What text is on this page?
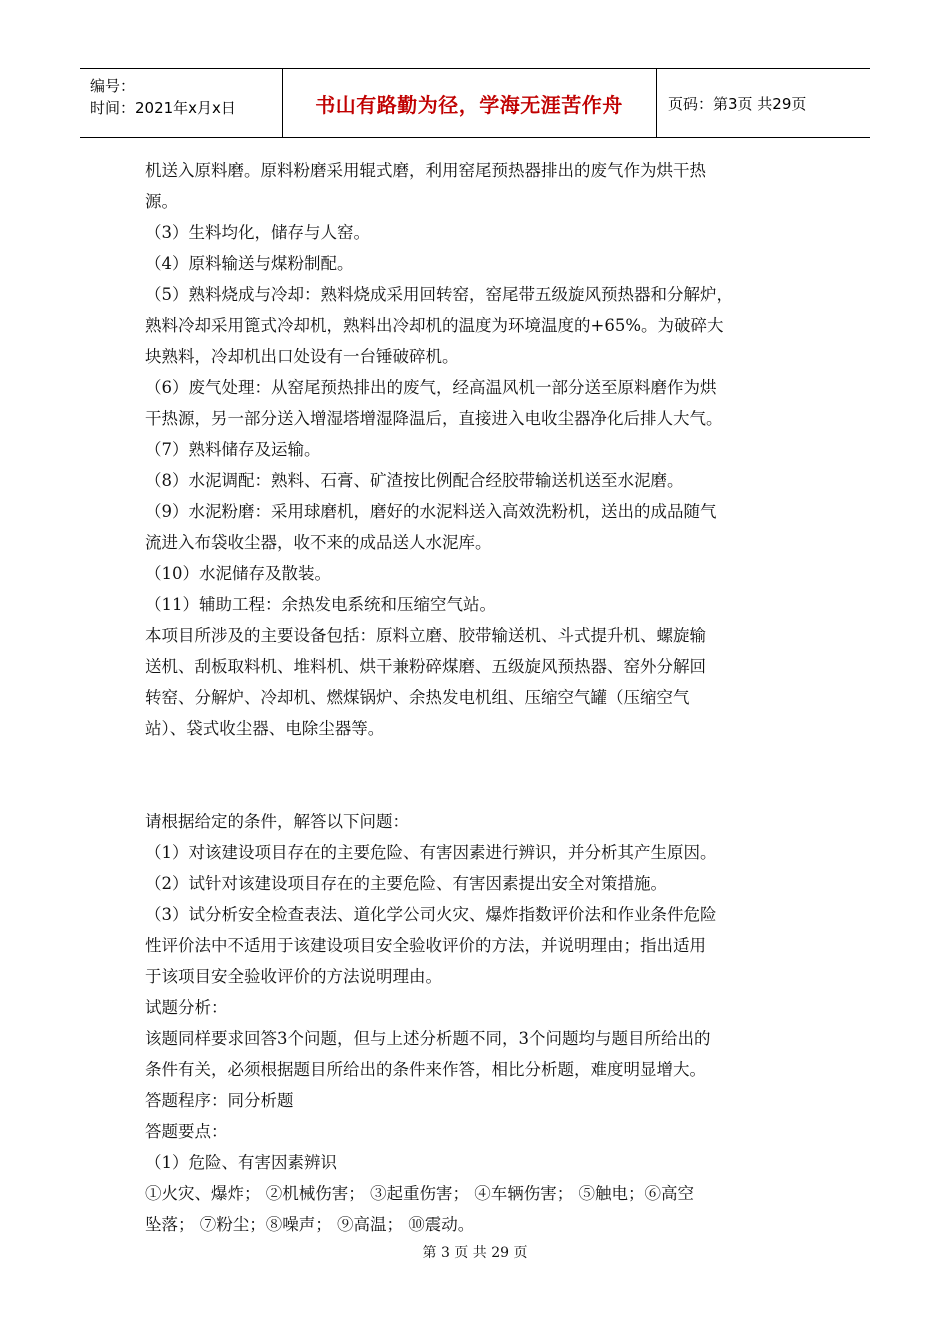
编号：
时间：2021年x月x日	书山有路勤为径，学海无涯苦作舟	页码：第3页 共29页

机送入原料磨。原料粉磨采用辊式磨，利用窑尾预热器排出的废气作为烘干热

源。

（3）生料均化，储存与人窑。

（4）原料输送与煤粉制配。

（5）熟料烧成与冷却：熟料烧成采用回转窑，窑尾带五级旋风预热器和分解炉，

熟料冷却采用篦式冷却机，熟料出冷却机的温度为环境温度的+65%。为破碎大

块熟料，冷却机出口处设有一台锤破碎机。

（6）废气处理：从窑尾预热排出的废气，经高温风机一部分送至原料磨作为烘

干热源，另一部分送入增湿塔增湿降温后，直接进入电收尘器净化后排人大气。

（7）熟料储存及运输。

（8）水泥调配：熟料、石膏、矿渣按比例配合经胶带输送机送至水泥磨。

（9）水泥粉磨：采用球磨机，磨好的水泥料送入高效洗粉机，送出的成品随气

流进入布袋收尘器，收不来的成品送人水泥库。

（10）水泥储存及散装。

（11）辅助工程：余热发电系统和压缩空气站。

本项目所涉及的主要设备包括：原料立磨、胶带输送机、斗式提升机、螺旋输

送机、刮板取料机、堆料机、烘干兼粉碎煤磨、五级旋风预热器、窑外分解回

转窑、分解炉、冷却机、燃煤锅炉、余热发电机组、压缩空气罐（压缩空气

站）、袋式收尘器、电除尘器等。

请根据给定的条件，解答以下问题：

（1）对该建设项目存在的主要危险、有害因素进行辨识，并分析其产生原因。

（2）试针对该建设项目存在的主要危险、有害因素提出安全对策措施。

（3）试分析安全检查表法、道化学公司火灾、爆炸指数评价法和作业条件危险

性评价法中不适用于该建设项目安全验收评价的方法，并说明理由；指出适用

于该项目安全验收评价的方法说明理由。

试题分析：

该题同样要求回答3个问题，但与上述分析题不同，3个问题均与题目所给出的

条件有关，必须根据题目所给出的条件来作答，相比分析题，难度明显增大。

答题程序：同分析题

答题要点：

（1）危险、有害因素辨识

①火灾、爆炸； ②机械伤害； ③起重伤害； ④车辆伤害； ⑤触电；⑥高空

坠落； ⑦粉尘；⑧噪声； ⑨高温； ⑩震动。

第 3 页 共 29 页
